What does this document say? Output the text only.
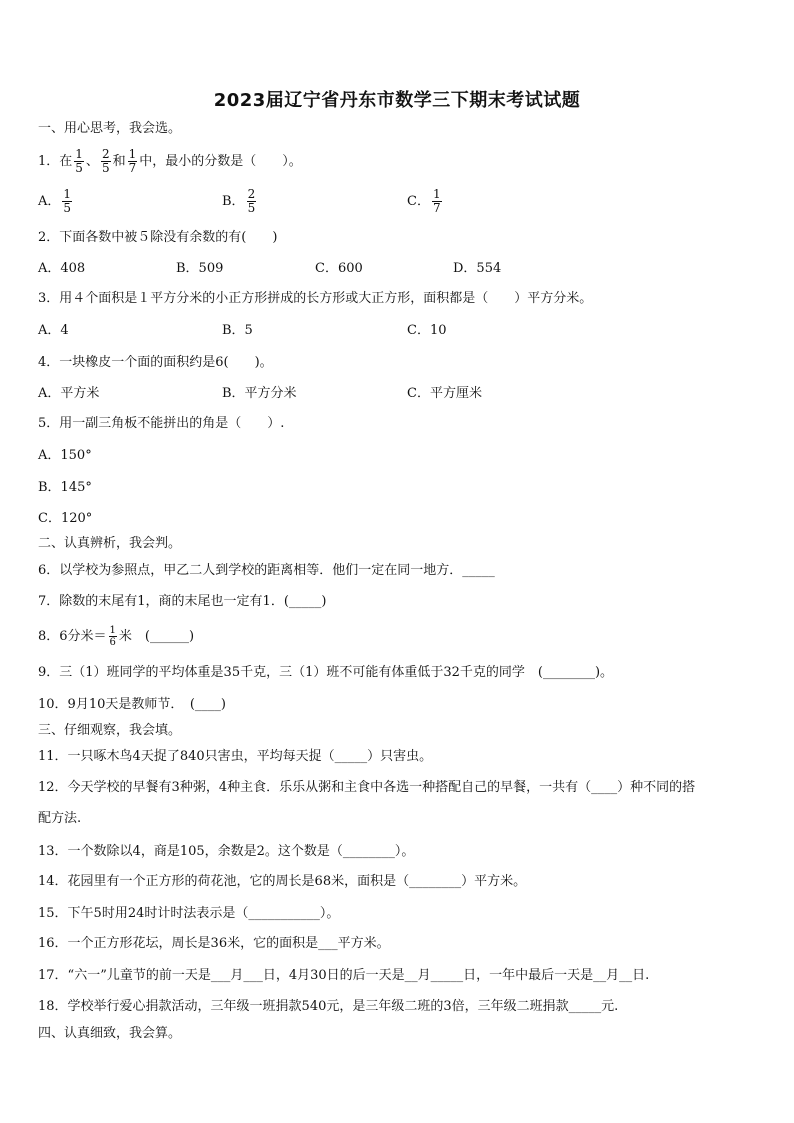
2023届辽宁省丹东市数学三下期末考试试题
一、用心思考，我会选。
1．在 $\frac{1}{5}$ 、 $\frac{2}{5}$ 和 $\frac{1}{7}$ 中，最小的分数是（　　）。
A． $\frac{1}{5}$	B． $\frac{2}{5}$	C． $\frac{1}{7}$
2．下面各数中被５除没有余数的有(　　)
A．408	B．509	C．600	D．554
3．用４个面积是１平方分米的小正方形拼成的长方形或大正方形，面积都是（　　）平方分米。
A．4	B．5	C．10
4．一块橡皮一个面的面积约是6(　　)。
A．平方米	B．平方分米	C．平方厘米
5．用一副三角板不能拼出的角是（　　）.
A．150°
B．145°
C．120°
二、认真辨析，我会判。
6．以学校为参照点，甲乙二人到学校的距离相等．他们一定在同一地方．_____
7．除数的末尾有1，商的末尾也一定有1．(_____)
8．6分米＝ $\frac{1}{6}$ 米　(______)
9．三（1）班同学的平均体重是35千克，三（1）班不可能有体重低于32千克的同学　(________)。
10．9月10天是教师节．　(____)
三、仔细观察，我会填。
11．一只啄木鸟4天捉了840只害虫，平均每天捉（_____）只害虫。
12．今天学校的早餐有3种粥，4种主食．乐乐从粥和主食中各选一种搭配自己的早餐，一共有（____）种不同的搭
配方法.
13．一个数除以4，商是105，余数是2。这个数是（________）。
14．花园里有一个正方形的荷花池，它的周长是68米，面积是（________）平方米。
15．下午5时用24时计时法表示是（___________）。
16．一个正方形花坛，周长是36米，它的面积是___平方米。
17．“六一”儿童节的前一天是___月___日，4月30日的后一天是__月_____日，一年中最后一天是__月__日.
18．学校举行爱心捐款活动，三年级一班捐款540元，是三年级二班的3倍，三年级二班捐款_____元.
四、认真细致，我会算。
